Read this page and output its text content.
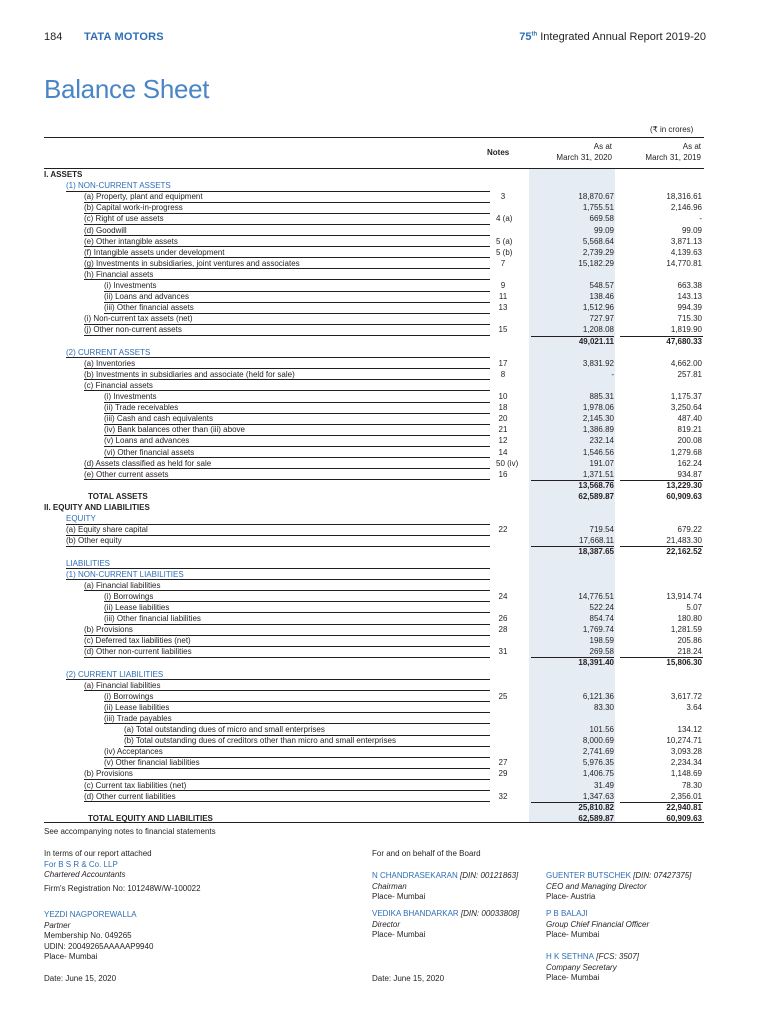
184 TATA MOTORS	75th Integrated Annual Report 2019-20
Balance Sheet
(₹ in crores)
Notes
As at
March 31, 2020
As at
March 31, 2019
I. ASSETS
(1) NON-CURRENT ASSETS
(a) Property, plant and equipment	3	18,870.67	18,316.61
(b) Capital work-in-progress	1,755.51	2,146.96
(c) Right of use assets	4 (a)	669.58	-
(d) Goodwill	99.09	99.09
(e) Other intangible assets	5 (a)	5,568.64	3,871.13
(f) Intangible assets under development	5 (b)	2,739.29	4,139.63
(g) Investments in subsidiaries, joint ventures and associates	7	15,182.29	14,770.81
(h) Financial assets
(i) Investments	9	548.57	663.38
(ii) Loans and advances	11	138.46	143.13
(iii) Other financial assets	13	1,512.96	994.39
(i) Non-current tax assets (net)	727.97	715.30
(j) Other non-current assets	15	1,208.08	1,819.90
49,021.11	47,680.33
(2) CURRENT ASSETS
(a) Inventories	17	3,831.92	4,662.00
(b) Investments in subsidiaries and associate (held for sale)	8	-	257.81
(c) Financial assets
(i) Investments	10	885.31	1,175.37
(ii) Trade receivables	18	1,978.06	3,250.64
(iii) Cash and cash equivalents	20	2,145.30	487.40
(iv) Bank balances other than (iii) above	21	1,386.89	819.21
(v) Loans and advances	12	232.14	200.08
(vi) Other financial assets	14	1,546.56	1,279.68
(d) Assets classified as held for sale	50 (iv)	191.07	162.24
(e) Other current assets	16	1,371.51	934.87
13,568.76	13,229.30
TOTAL ASSETS	62,589.87	60,909.63
II. EQUITY AND LIABILITIES
EQUITY
(a) Equity share capital	22	719.54	679.22
(b) Other equity	17,668.11	21,483.30
18,387.65	22,162.52
LIABILITIES
(1) NON-CURRENT LIABILITIES
(a) Financial liabilities
(i) Borrowings	24	14,776.51	13,914.74
(ii) Lease liabilities	522.24	5.07
(iii) Other financial liabilities	26	854.74	180.80
(b) Provisions	28	1,769.74	1,281.59
(c) Deferred tax liabilities (net)	198.59	205.86
(d) Other non-current liabilities	31	269.58	218.24
18,391.40	15,806.30
(2) CURRENT LIABILITIES
(a) Financial liabilities
(i) Borrowings	25	6,121.36	3,617.72
(ii) Lease liabilities	83.30	3.64
(iii) Trade payables
(a) Total outstanding dues of micro and small enterprises	101.56	134.12
(b) Total outstanding dues of creditors other than micro and small enterprises	8,000.69	10,274.71
(iv) Acceptances	2,741.69	3,093.28
(v) Other financial liabilities	27	5,976.35	2,234.34
(b) Provisions	29	1,406.75	1,148.69
(c) Current tax liabilities (net)	31.49	78.30
(d) Other current liabilities	32	1,347.63	2,356.01
25,810.82	22,940.81
TOTAL EQUITY AND LIABILITIES	62,589.87	60,909.63
See accompanying notes to financial statements
In terms of our report attached
For B S R & Co. LLP
Chartered Accountants
Firm's Registration No: 101248W/W-100022
YEZDI NAGPOREWALLA
Partner
Membership No. 049265
UDIN: 20049265AAAAAP9940
Place- Mumbai
Date: June 15, 2020
For and on behalf of the Board
N CHANDRASEKARAN [DIN: 00121863]
Chairman
Place- Mumbai
VEDIKA BHANDARKAR [DIN: 00033808]
Director
Place- Mumbai
Date: June 15, 2020
GUENTER BUTSCHEK [DIN: 07427375]
CEO and Managing Director
Place- Austria
P B BALAJI
Group Chief Financial Officer
Place- Mumbai
H K SETHNA [FCS: 3507]
Company Secretary
Place- Mumbai
